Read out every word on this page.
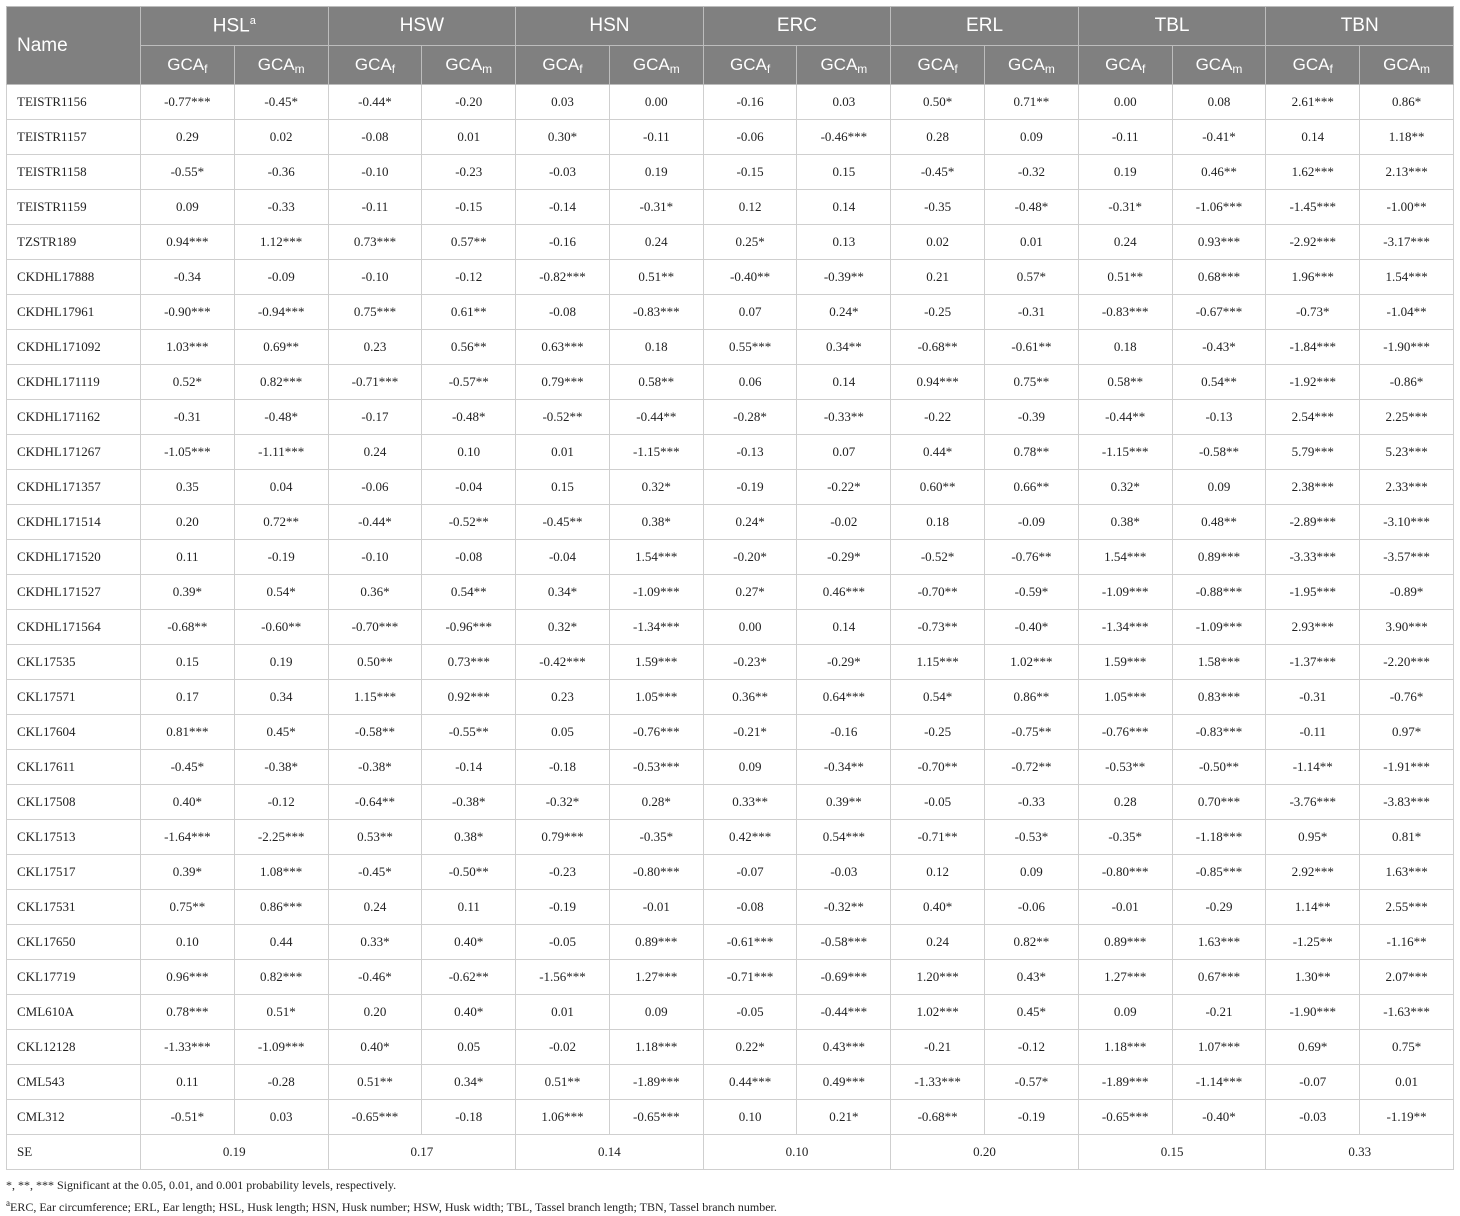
Name	HSL$^a$		HSW		HSN		ERC		ERL		TBL		TBN	
	$GCA_f$	$GCA_m$	$GCA_f$	$GCA_m$	$GCA_f$	$GCA_m$	$GCA_f$	$GCA_m$	$GCA_f$	$GCA_m$	$GCA_f$	$GCA_m$	$GCA_f$	$GCA_m$
TEISTR1156	-0.77***	-0.45*	-0.44*	-0.20	0.03	0.00	-0.16	0.03	0.50*	0.71**	0.00	0.08	2.61***	0.86*
TEISTR1157	0.29	0.02	-0.08	0.01	0.30*	-0.11	-0.06	-0.46***	0.28	0.09	-0.11	-0.41*	0.14	1.18**
TEISTR1158	-0.55*	-0.36	-0.10	-0.23	-0.03	0.19	-0.15	0.15	-0.45*	-0.32	0.19	0.46**	1.62***	2.13***
TEISTR1159	0.09	-0.33	-0.11	-0.15	-0.14	-0.31*	0.12	0.14	-0.35	-0.48*	-0.31*	-1.06***	-1.45***	-1.00**
TZSTR189	0.94***	1.12***	0.73***	0.57**	-0.16	0.24	0.25*	0.13	0.02	0.01	0.24	0.93***	-2.92***	-3.17***
CKDHL17888	-0.34	-0.09	-0.10	-0.12	-0.82***	0.51**	-0.40**	-0.39**	0.21	0.57*	0.51**	0.68***	1.96***	1.54***
CKDHL17961	-0.90***	-0.94***	0.75***	0.61**	-0.08	-0.83***	0.07	0.24*	-0.25	-0.31	-0.83***	-0.67***	-0.73*	-1.04**
CKDHL171092	1.03***	0.69**	0.23	0.56**	0.63***	0.18	0.55***	0.34**	-0.68**	-0.61**	0.18	-0.43*	-1.84***	-1.90***
CKDHL171119	0.52*	0.82***	-0.71***	-0.57**	0.79***	0.58**	0.06	0.14	0.94***	0.75**	0.58**	0.54**	-1.92***	-0.86*
CKDHL171162	-0.31	-0.48*	-0.17	-0.48*	-0.52**	-0.44**	-0.28*	-0.33**	-0.22	-0.39	-0.44**	-0.13	2.54***	2.25***
CKDHL171267	-1.05***	-1.11***	0.24	0.10	0.01	-1.15***	-0.13	0.07	0.44*	0.78**	-1.15***	-0.58**	5.79***	5.23***
CKDHL171357	0.35	0.04	-0.06	-0.04	0.15	0.32*	-0.19	-0.22*	0.60**	0.66**	0.32*	0.09	2.38***	2.33***
CKDHL171514	0.20	0.72**	-0.44*	-0.52**	-0.45**	0.38*	0.24*	-0.02	0.18	-0.09	0.38*	0.48**	-2.89***	-3.10***
CKDHL171520	0.11	-0.19	-0.10	-0.08	-0.04	1.54***	-0.20*	-0.29*	-0.52*	-0.76**	1.54***	0.89***	-3.33***	-3.57***
CKDHL171527	0.39*	0.54*	0.36*	0.54**	0.34*	-1.09***	0.27*	0.46***	-0.70**	-0.59*	-1.09***	-0.88***	-1.95***	-0.89*
CKDHL171564	-0.68**	-0.60**	-0.70***	-0.96***	0.32*	-1.34***	0.00	0.14	-0.73**	-0.40*	-1.34***	-1.09***	2.93***	3.90***
CKL17535	0.15	0.19	0.50**	0.73***	-0.42***	1.59***	-0.23*	-0.29*	1.15***	1.02***	1.59***	1.58***	-1.37***	-2.20***
CKL17571	0.17	0.34	1.15***	0.92***	0.23	1.05***	0.36**	0.64***	0.54*	0.86**	1.05***	0.83***	-0.31	-0.76*
CKL17604	0.81***	0.45*	-0.58**	-0.55**	0.05	-0.76***	-0.21*	-0.16	-0.25	-0.75**	-0.76***	-0.83***	-0.11	0.97*
CKL17611	-0.45*	-0.38*	-0.38*	-0.14	-0.18	-0.53***	0.09	-0.34**	-0.70**	-0.72**	-0.53**	-0.50**	-1.14**	-1.91***
CKL17508	0.40*	-0.12	-0.64**	-0.38*	-0.32*	0.28*	0.33**	0.39**	-0.05	-0.33	0.28	0.70***	-3.76***	-3.83***
CKL17513	-1.64***	-2.25***	0.53**	0.38*	0.79***	-0.35*	0.42***	0.54***	-0.71**	-0.53*	-0.35*	-1.18***	0.95*	0.81*
CKL17517	0.39*	1.08***	-0.45*	-0.50**	-0.23	-0.80***	-0.07	-0.03	0.12	0.09	-0.80***	-0.85***	2.92***	1.63***
CKL17531	0.75**	0.86***	0.24	0.11	-0.19	-0.01	-0.08	-0.32**	0.40*	-0.06	-0.01	-0.29	1.14**	2.55***
CKL17650	0.10	0.44	0.33*	0.40*	-0.05	0.89***	-0.61***	-0.58***	0.24	0.82**	0.89***	1.63***	-1.25**	-1.16**
CKL17719	0.96***	0.82***	-0.46*	-0.62**	-1.56***	1.27***	-0.71***	-0.69***	1.20***	0.43*	1.27***	0.67***	1.30**	2.07***
CML610A	0.78***	0.51*	0.20	0.40*	0.01	0.09	-0.05	-0.44***	1.02***	0.45*	0.09	-0.21	-1.90***	-1.63***
CKL12128	-1.33***	-1.09***	0.40*	0.05	-0.02	1.18***	0.22*	0.43***	-0.21	-0.12	1.18***	1.07***	0.69*	0.75*
CML543	0.11	-0.28	0.51**	0.34*	0.51**	-1.89***	0.44***	0.49***	-1.33***	-0.57*	-1.89***	-1.14***	-0.07	0.01
CML312	-0.51*	0.03	-0.65***	-0.18	1.06***	-0.65***	0.10	0.21*	-0.68**	-0.19	-0.65***	-0.40*	-0.03	-1.19**
SE	0.19		0.17		0.14		0.10		0.20		0.15		0.33	
*, **, *** Significant at the 0.05, 0.01, and 0.001 probability levels, respectively.
$^a$ERC, Ear circumference; ERL, Ear length; HSL, Husk length; HSN, Husk number; HSW, Husk width; TBL, Tassel branch length; TBN, Tassel branch number.
